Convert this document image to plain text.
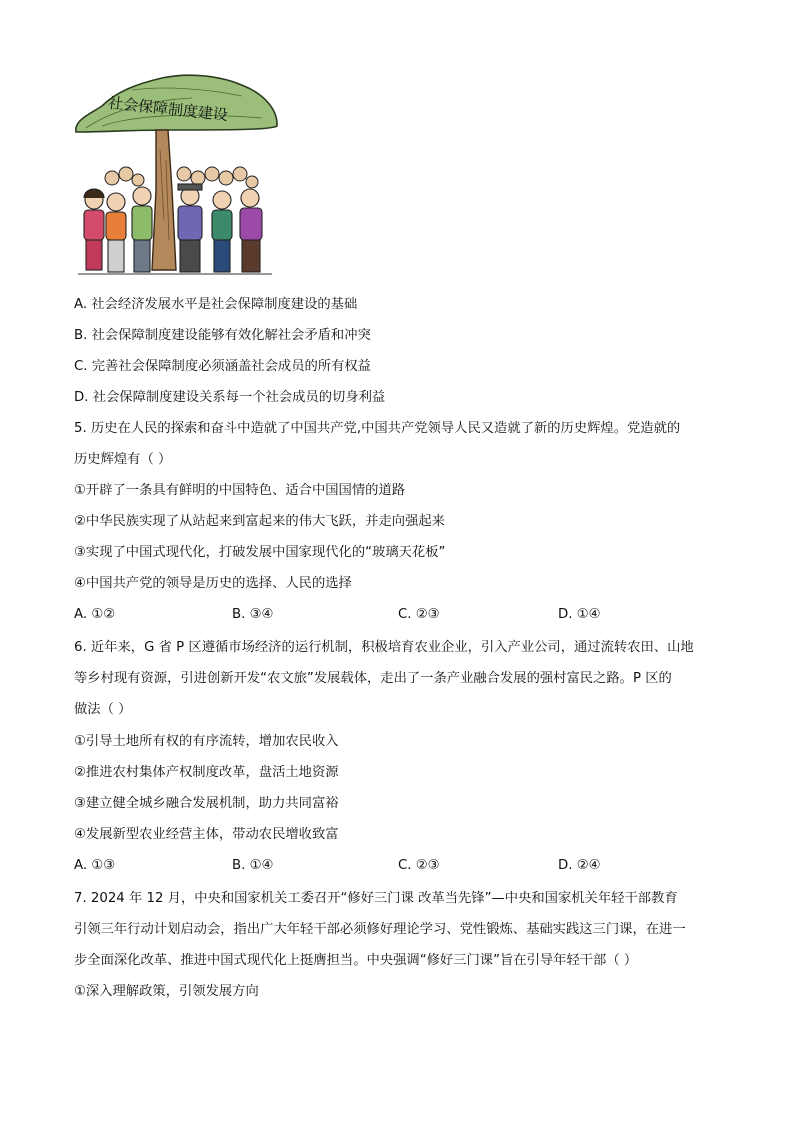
社会保障制度建设
A. 社会经济发展水平是社会保障制度建设的基础
B. 社会保障制度建设能够有效化解社会矛盾和冲突
C. 完善社会保障制度必须涵盖社会成员的所有权益
D. 社会保障制度建设关系每一个社会成员的切身利益
5. 历史在人民的探索和奋斗中造就了中国共产党,中国共产党领导人民又造就了新的历史辉煌。党造就的
历史辉煌有（ ）
①开辟了一条具有鲜明的中国特色、适合中国国情的道路
②中华民族实现了从站起来到富起来的伟大飞跃，并走向强起来
③实现了中国式现代化，打破发展中国家现代化的“玻璃天花板”
④中国共产党的领导是历史的选择、人民的选择
A. ①②	B. ③④	C. ②③	D. ①④
6. 近年来，G 省 P 区遵循市场经济的运行机制，积极培育农业企业，引入产业公司，通过流转农田、山地
等乡村现有资源，引进创新开发“农文旅”发展载体，走出了一条产业融合发展的强村富民之路。P 区的
做法（ ）
①引导土地所有权的有序流转，增加农民收入
②推进农村集体产权制度改革，盘活土地资源
③建立健全城乡融合发展机制，助力共同富裕
④发展新型农业经营主体，带动农民增收致富
A. ①③	B. ①④	C. ②③	D. ②④
7. 2024 年 12 月，中央和国家机关工委召开“修好三门课 改革当先锋”—中央和国家机关年轻干部教育
引领三年行动计划启动会，指出广大年轻干部必须修好理论学习、党性锻炼、基础实践这三门课，在进一
步全面深化改革、推进中国式现代化上挺膺担当。中央强调“修好三门课”旨在引导年轻干部（ ）
①深入理解政策，引领发展方向
